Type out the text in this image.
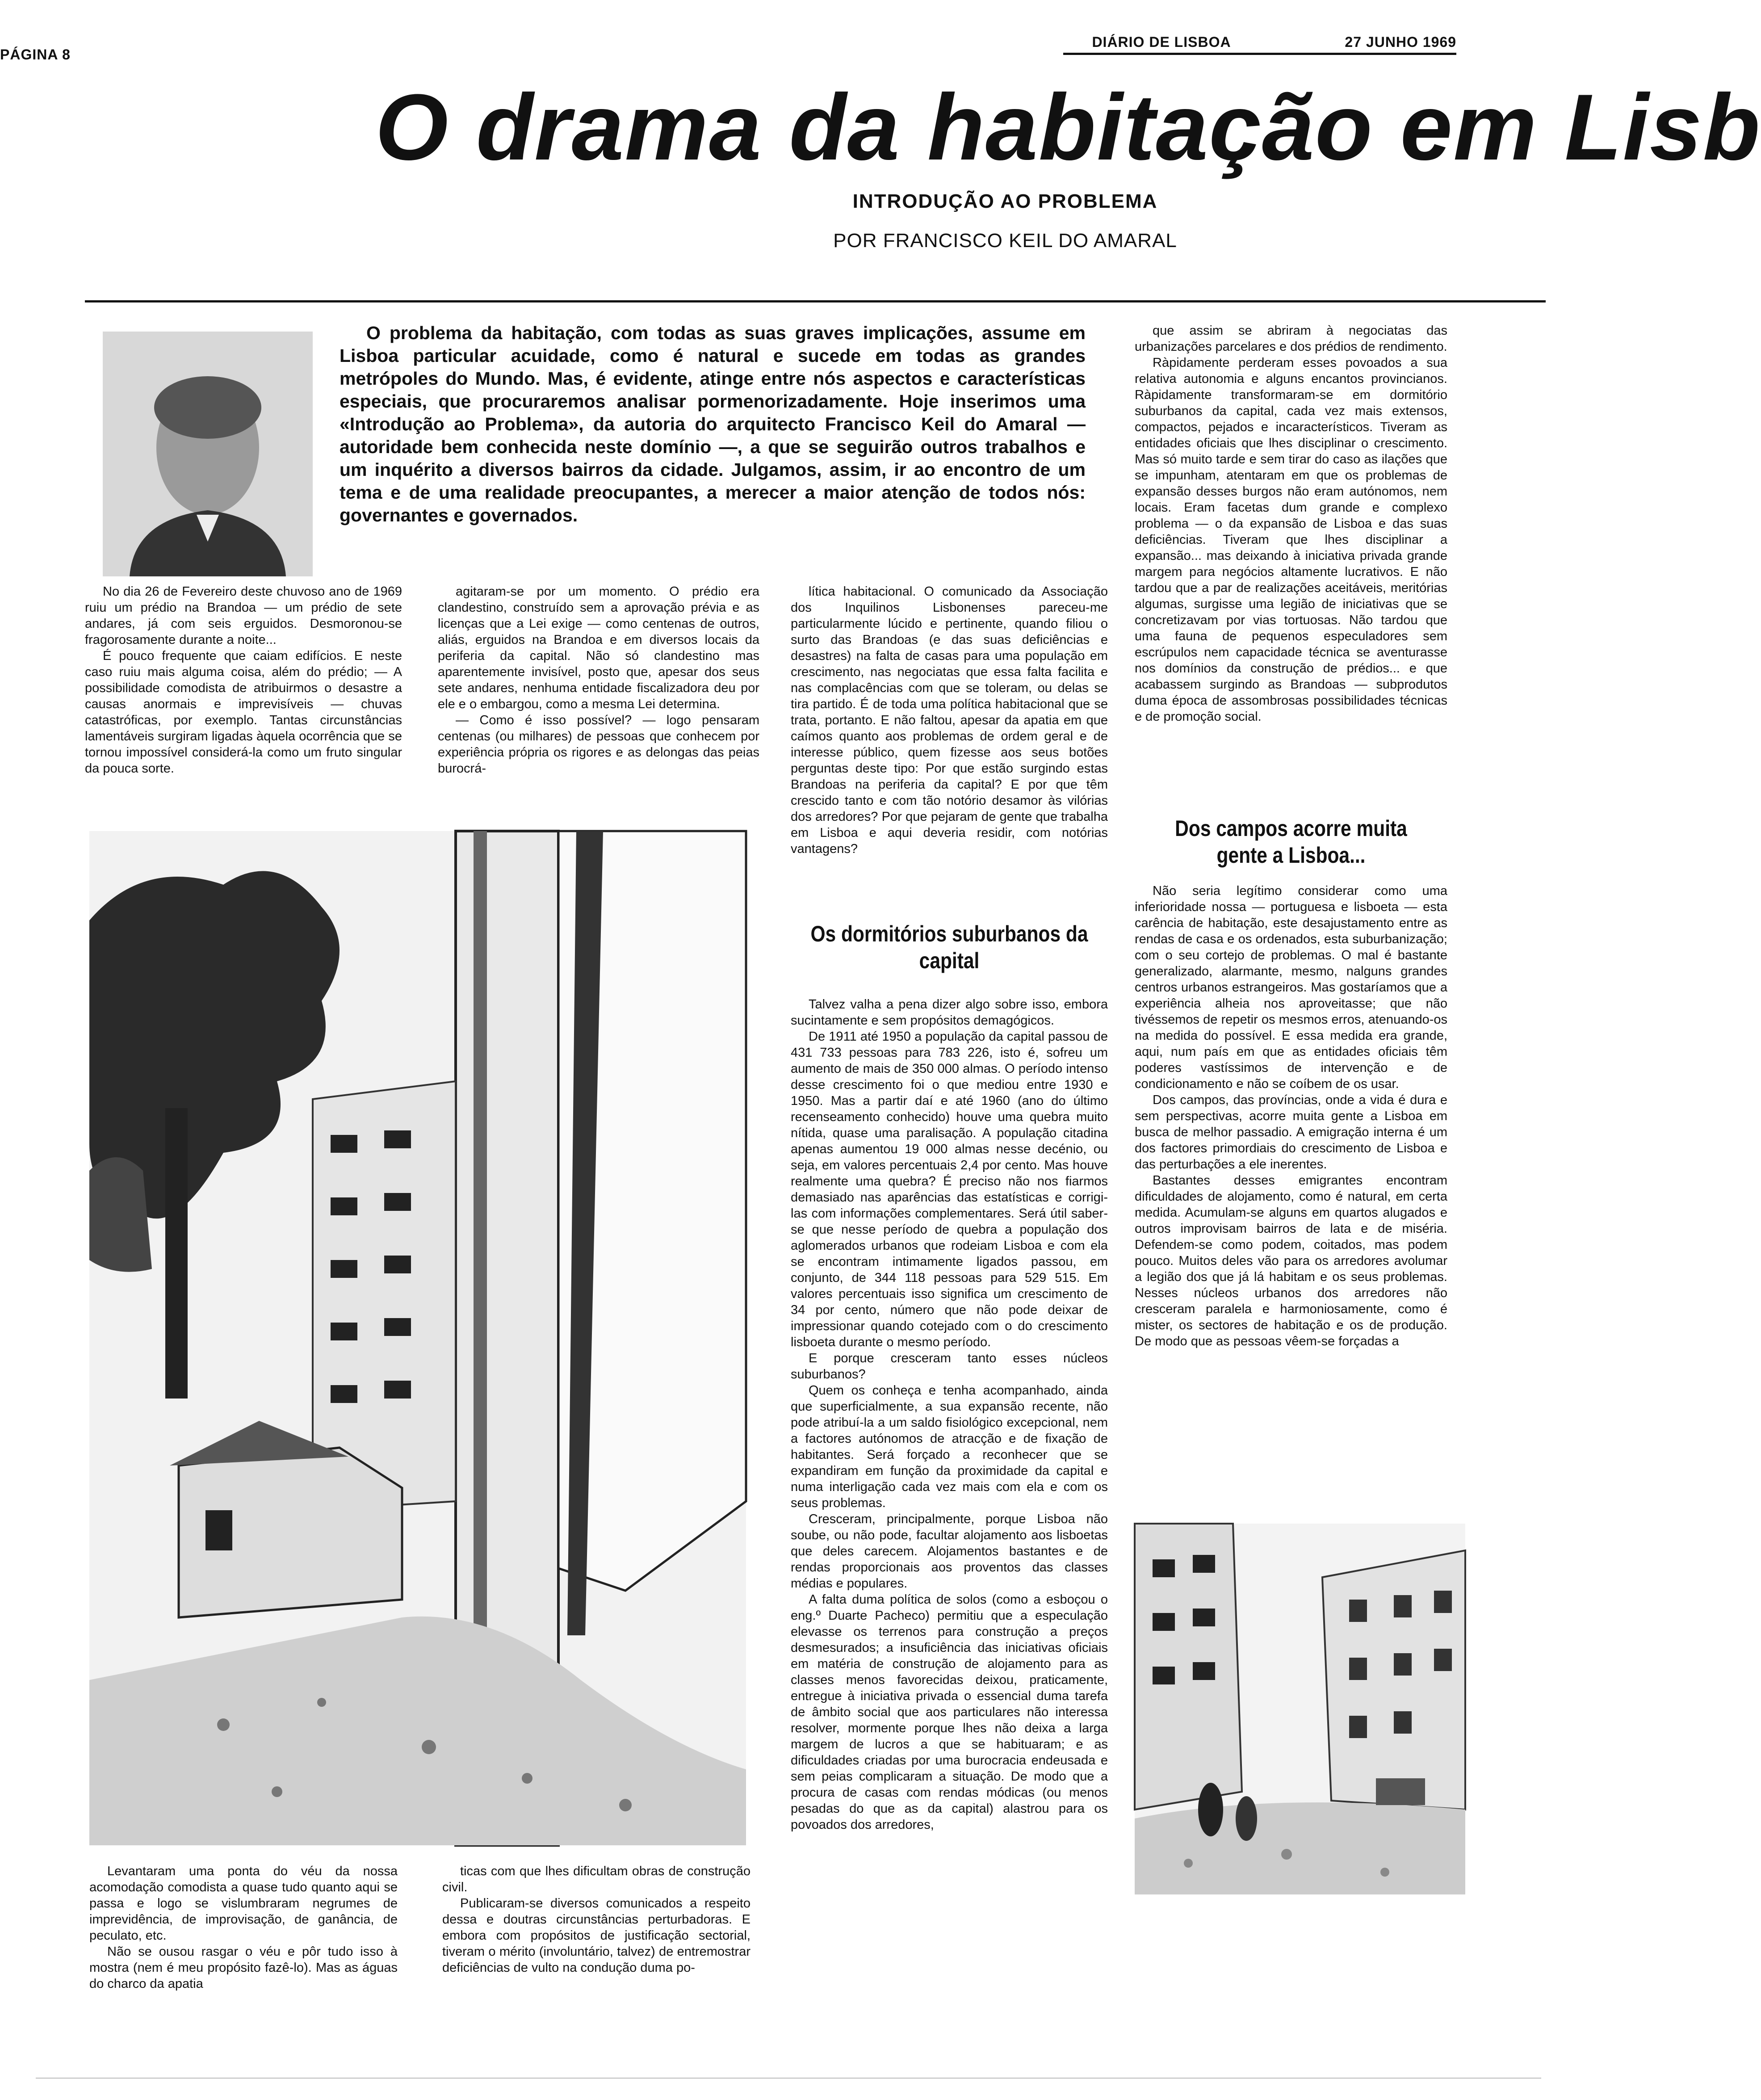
PÁGINA 8
DIÁRIO DE LISBOA	27 JUNHO 1969
O drama da habitação em Lisb
INTRODUÇÃO AO PROBLEMA
POR FRANCISCO KEIL DO AMARAL

O problema da habitação, com todas as suas graves implicações, assume em Lisboa particular acuidade, como é natural e sucede em todas as grandes metrópoles do Mundo. Mas, é evidente, atinge entre nós aspectos e características especiais, que procuraremos analisar pormenorizadamente. Hoje inserimos uma «Introdução ao Problema», da autoria do arquitecto Francisco Keil do Amaral — autoridade bem conhecida neste domínio —, a que se seguirão outros trabalhos e um inquérito a diversos bairros da cidade. Julgamos, assim, ir ao encontro de um tema e de uma realidade preocupantes, a merecer a maior atenção de todos nós: governantes e governados.

No dia 26 de Fevereiro deste chuvoso ano de 1969 ruiu um prédio na Brandoa — um prédio de sete andares, já com seis erguidos. Desmoronou-se fragorosamente durante a noite...

É pouco frequente que caiam edifícios. E neste caso ruiu mais alguma coisa, além do prédio; — A possibilidade comodista de atribuirmos o desastre a causas anormais e imprevisíveis — chuvas catastróficas, por exemplo. Tantas circunstâncias lamentáveis surgiram ligadas àquela ocorrência que se tornou impossível considerá-la como um fruto singular da pouca sorte.

agitaram-se por um momento. O prédio era clandestino, construído sem a aprovação prévia e as licenças que a Lei exige — como centenas de outros, aliás, erguidos na Brandoa e em diversos locais da periferia da capital. Não só clandestino mas aparentemente invisível, posto que, apesar dos seus sete andares, nenhuma entidade fiscalizadora deu por ele e o embargou, como a mesma Lei determina.

— Como é isso possível? — logo pensaram centenas (ou milhares) de pessoas que conhecem por experiência própria os rigores e as delongas das peias burocrá-

Levantaram uma ponta do véu da nossa acomodação comodista a quase tudo quanto aqui se passa e logo se vislumbraram negrumes de imprevidência, de improvisação, de ganância, de peculato, etc.

Não se ousou rasgar o véu e pôr tudo isso à mostra (nem é meu propósito fazê-lo). Mas as águas do charco da apatia

ticas com que lhes dificultam obras de construção civil.

Publicaram-se diversos comunicados a respeito dessa e doutras circunstâncias perturbadoras. E embora com propósitos de justificação sectorial, tiveram o mérito (involuntário, talvez) de entremostrar deficiências de vulto na condução duma po-

lítica habitacional. O comunicado da Associação dos Inquilinos Lisbonenses pareceu-me particularmente lúcido e pertinente, quando filiou o surto das Brandoas (e das suas deficiências e desastres) na falta de casas para uma população em crescimento, nas negociatas que essa falta facilita e nas complacências com que se toleram, ou delas se tira partido. É de toda uma política habitacional que se trata, portanto. E não faltou, apesar da apatia em que caímos quanto aos problemas de ordem geral e de interesse público, quem fizesse aos seus botões perguntas deste tipo: Por que estão surgindo estas Brandoas na periferia da capital? E por que têm crescido tanto e com tão notório desamor às vilórias dos arredores? Por que pejaram de gente que trabalha em Lisboa e aqui deveria residir, com notórias vantagens?

Os dormitórios suburbanos da capital

Talvez valha a pena dizer algo sobre isso, embora sucintamente e sem propósitos demagógicos.

De 1911 até 1950 a população da capital passou de 431 733 pessoas para 783 226, isto é, sofreu um aumento de mais de 350 000 almas. O período intenso desse crescimento foi o que mediou entre 1930 e 1950. Mas a partir daí e até 1960 (ano do último recenseamento conhecido) houve uma quebra muito nítida, quase uma paralisação. A população citadina apenas aumentou 19 000 almas nesse decénio, ou seja, em valores percentuais 2,4 por cento. Mas houve realmente uma quebra? É preciso não nos fiarmos demasiado nas aparências das estatísticas e corrigi-las com informações complementares. Será útil saber-se que nesse período de quebra a população dos aglomerados urbanos que rodeiam Lisboa e com ela se encontram intimamente ligados passou, em conjunto, de 344 118 pessoas para 529 515. Em valores percentuais isso significa um crescimento de 34 por cento, número que não pode deixar de impressionar quando cotejado com o do crescimento lisboeta durante o mesmo período.

E porque cresceram tanto esses núcleos suburbanos?

Quem os conheça e tenha acompanhado, ainda que superficialmente, a sua expansão recente, não pode atribuí-la a um saldo fisiológico excepcional, nem a factores autónomos de atracção e de fixação de habitantes. Será forçado a reconhecer que se expandiram em função da proximidade da capital e numa interligação cada vez mais com ela e com os seus problemas.

Cresceram, principalmente, porque Lisboa não soube, ou não pode, facultar alojamento aos lisboetas que deles carecem. Alojamentos bastantes e de rendas proporcionais aos proventos das classes médias e populares.

A falta duma política de solos (como a esboçou o eng.º Duarte Pacheco) permitiu que a especulação elevasse os terrenos para construção a preços desmesurados; a insuficiência das iniciativas oficiais em matéria de construção de alojamento para as classes menos favorecidas deixou, praticamente, entregue à iniciativa privada o essencial duma tarefa de âmbito social que aos particulares não interessa resolver, mormente porque lhes não deixa a larga margem de lucros a que se habituaram; e as dificuldades criadas por uma burocracia endeusada e sem peias complicaram a situação. De modo que a procura de casas com rendas módicas (ou menos pesadas do que as da capital) alastrou para os povoados dos arredores,

que assim se abriram à negociatas das urbanizações parcelares e dos prédios de rendimento.

Ràpidamente perderam esses povoados a sua relativa autonomia e alguns encantos provincianos. Ràpidamente transformaram-se em dormitório suburbanos da capital, cada vez mais extensos, compactos, pejados e incaracterísticos. Tiveram as entidades oficiais que lhes disciplinar o crescimento. Mas só muito tarde e sem tirar do caso as ilações que se impunham, atentaram em que os problemas de expansão desses burgos não eram autónomos, nem locais. Eram facetas dum grande e complexo problema — o da expansão de Lisboa e das suas deficiências. Tiveram que lhes disciplinar a expansão... mas deixando à iniciativa privada grande margem para negócios altamente lucrativos. E não tardou que a par de realizações aceitáveis, meritórias algumas, surgisse uma legião de iniciativas que se concretizavam por vias tortuosas. Não tardou que uma fauna de pequenos especuladores sem escrúpulos nem capacidade técnica se aventurasse nos domínios da construção de prédios... e que acabassem surgindo as Brandoas — subprodutos duma época de assombrosas possibilidades técnicas e de promoção social.

Dos campos acorre muita gente a Lisboa...

Não seria legítimo considerar como uma inferioridade nossa — portuguesa e lisboeta — esta carência de habitação, este desajustamento entre as rendas de casa e os ordenados, esta suburbanização; com o seu cortejo de problemas. O mal é bastante generalizado, alarmante, mesmo, nalguns grandes centros urbanos estrangeiros. Mas gostaríamos que a experiência alheia nos aproveitasse; que não tivéssemos de repetir os mesmos erros, atenuando-os na medida do possível. E essa medida era grande, aqui, num país em que as entidades oficiais têm poderes vastíssimos de intervenção e de condicionamento e não se coíbem de os usar.

Dos campos, das províncias, onde a vida é dura e sem perspectivas, acorre muita gente a Lisboa em busca de melhor passadio. A emigração interna é um dos factores primordiais do crescimento de Lisboa e das perturbações a ele inerentes.

Bastantes desses emigrantes encontram dificuldades de alojamento, como é natural, em certa medida. Acumulam-se alguns em quartos alugados e outros improvisam bairros de lata e de miséria. Defendem-se como podem, coitados, mas podem pouco. Muitos deles vão para os arredores avolumar a legião dos que já lá habitam e os seus problemas. Nesses núcleos urbanos dos arredores não cresceram paralela e harmoniosamente, como é mister, os sectores de habitação e os de produção. De modo que as pessoas vêem-se forçadas a
